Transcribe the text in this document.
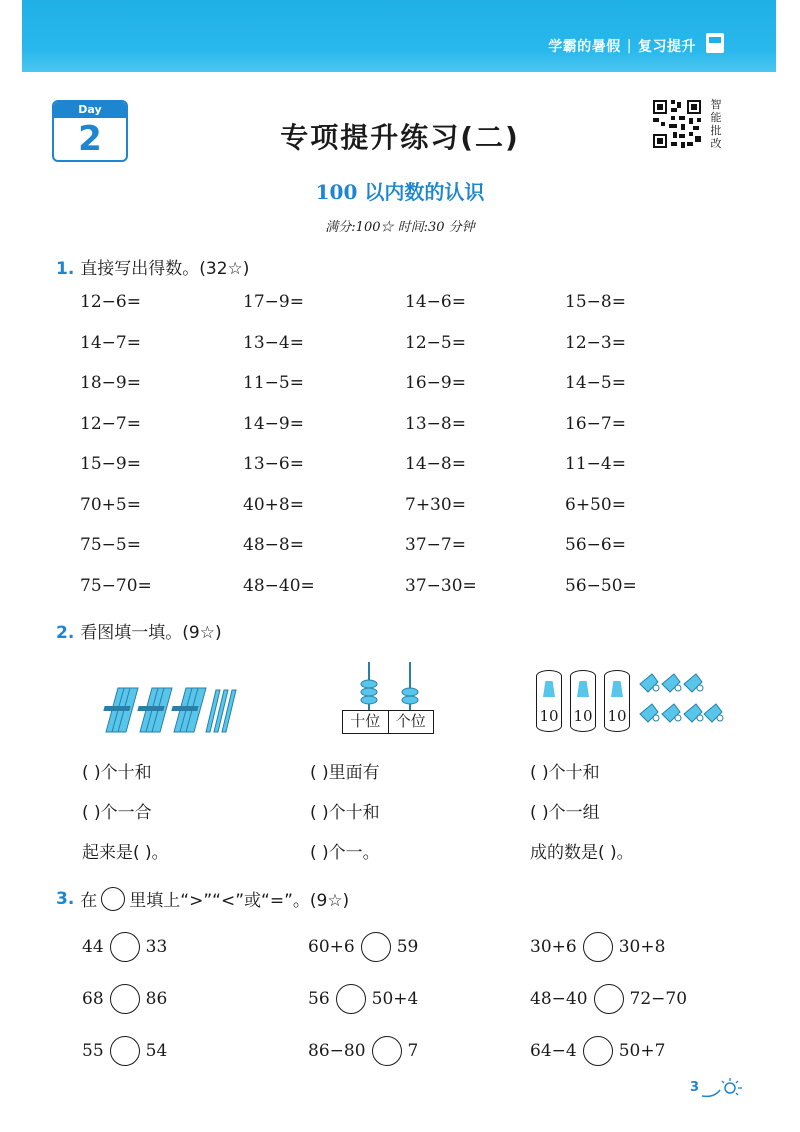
学霸的暑假 | 复习提升
Day
2	专项提升练习(二)
100 以内数的认识
满分:100☆ 时间:30 分钟
智
能
批
改
1. 直接写出得数。(32☆)
12−6=	17−9=	14−6=	15−8=
14−7=	13−4=	12−5=	12−3=
18−9=	11−5=	16−9=	14−5=
12−7=	14−9=	13−8=	16−7=
15−9=	13−6=	14−8=	11−4=
70+5=	40+8=	7+30=	6+50=
75−5=	48−8=	37−7=	56−6=
75−70=	48−40=	37−30=	56−50=
2. 看图填一填。(9☆)
十位	个位	10 10 10
( )个十和
( )个一合
起来是( )。
( )里面有
( )个十和
( )个一。
( )个十和
( )个一组
成的数是( )。
3. 在 里填上“>”“<”或“=”。(9☆)
44 33	60+6 59	30+6 30+8
68 86	56 50+4	48−40 72−70
55 54	86−80 7	64−4 50+7
3
